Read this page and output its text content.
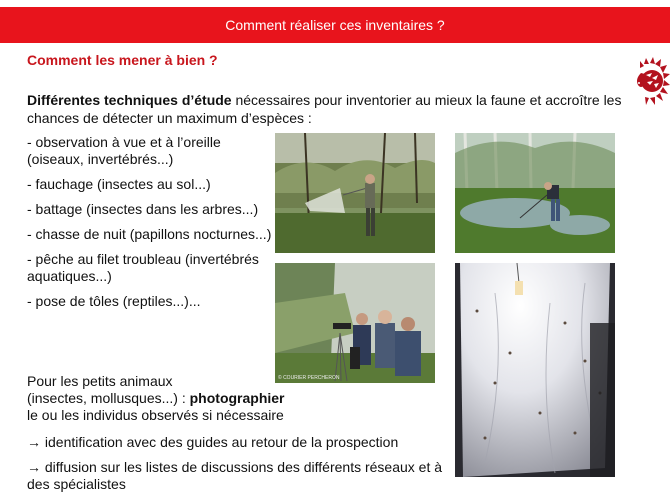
Comment réaliser ces inventaires ?
Comment les mener à bien ?
Différentes techniques d’étude nécessaires pour inventorier au mieux la faune et accroître les chances de détecter un maximum d’espèces :
- observation à vue et à l’oreille (oiseaux, invertébrés...)
- fauchage (insectes au sol...)
- battage (insectes dans les arbres...)
- chasse de nuit (papillons nocturnes...)
- pêche au filet troubleau (invertébrés aquatiques...)
- pose de tôles (reptiles...)...
Pour les petits animaux
(insectes, mollusques...) : photographier
le ou les individus observés si nécessaire
→ identification avec des guides au retour de la prospection
→ diffusion sur les listes de discussions des différents réseaux et à des spécialistes
© COURIER PERCHERON
